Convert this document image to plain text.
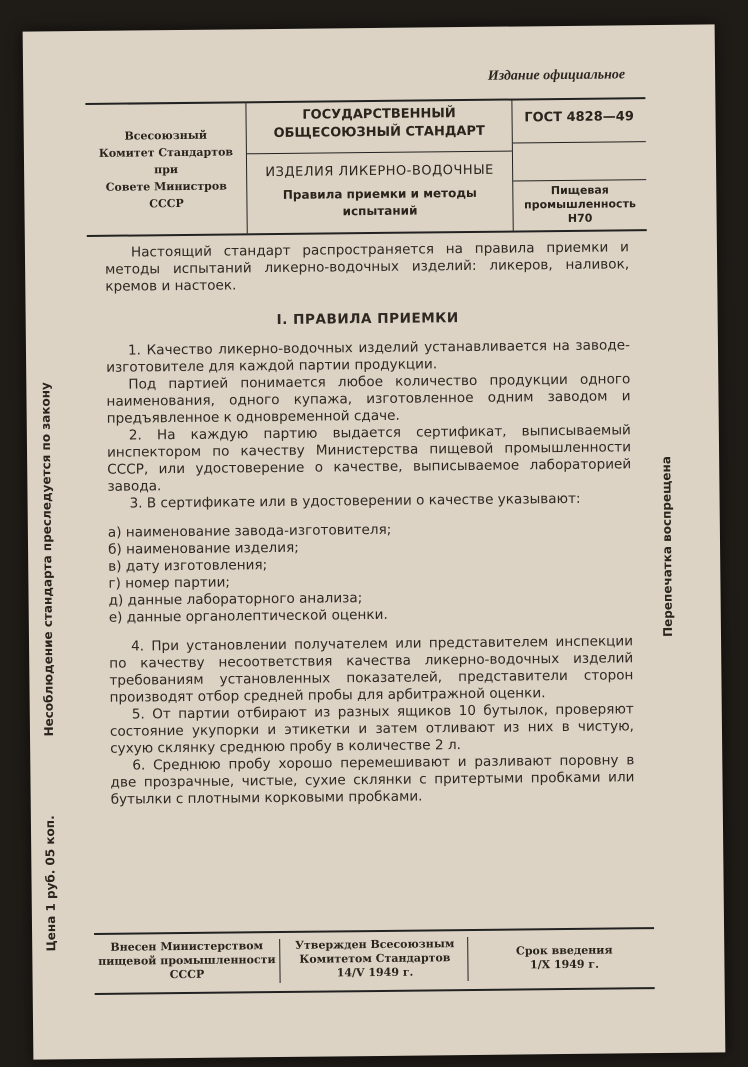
Издание официальное
Всесоюзный
Комитет Стандартов
при
Совете Министров
СССР
ГОСУДАРСТВЕННЫЙ
ОБЩЕСОЮЗНЫЙ СТАНДАРТ
ИЗДЕЛИЯ ЛИКЕРНО-ВОДОЧНЫЕ
Правила приемки и методы
испытаний
ГОСТ 4828—49
Пищевая
промышленность
Н70

Настоящий стандарт распространяется на правила приемки и методы испытаний ликерно-водочных изделий: ликеров, наливок, кремов и настоек.

I. ПРАВИЛА ПРИЕМКИ

1. Качество ликерно-водочных изделий устанавливается на заводе-изготовителе для каждой партии продукции.

Под партией понимается любое количество продукции одного наименования, одного купажа, изготовленное одним заводом и предъявленное к одновременной сдаче.

2. На каждую партию выдается сертификат, выписываемый инспектором по качеству Министерства пищевой промышленности СССР, или удостоверение о качестве, выписываемое лабораторией завода.

3. В сертификате или в удостоверении о качестве указывают:

а) наименование завода-изготовителя;
б) наименование изделия;
в) дату изготовления;
г) номер партии;
д) данные лабораторного анализа;
е) данные органолептической оценки.

4. При установлении получателем или представителем инспекции по качеству несоответствия качества ликерно-водочных изделий требованиям установленных показателей, представители сторон производят отбор средней пробы для арбитражной оценки.

5. От партии отбирают из разных ящиков 10 бутылок, проверяют состояние укупорки и этикетки и затем отливают из них в чистую, сухую склянку среднюю пробу в количестве 2 л.

6. Среднюю пробу хорошо перемешивают и разливают поровну в две прозрачные, чистые, сухие склянки с притертыми пробками или бутылки с плотными корковыми пробками.

Внесен Министерством
пищевой промышленности
СССР
Утвержден Всесоюзным
Комитетом Стандартов
14/V 1949 г.
Срок введения
1/X 1949 г.
Цена 1 руб. 05 коп.
Несоблюдение стандарта преследуется по закону	Перепечатка воспрещена
